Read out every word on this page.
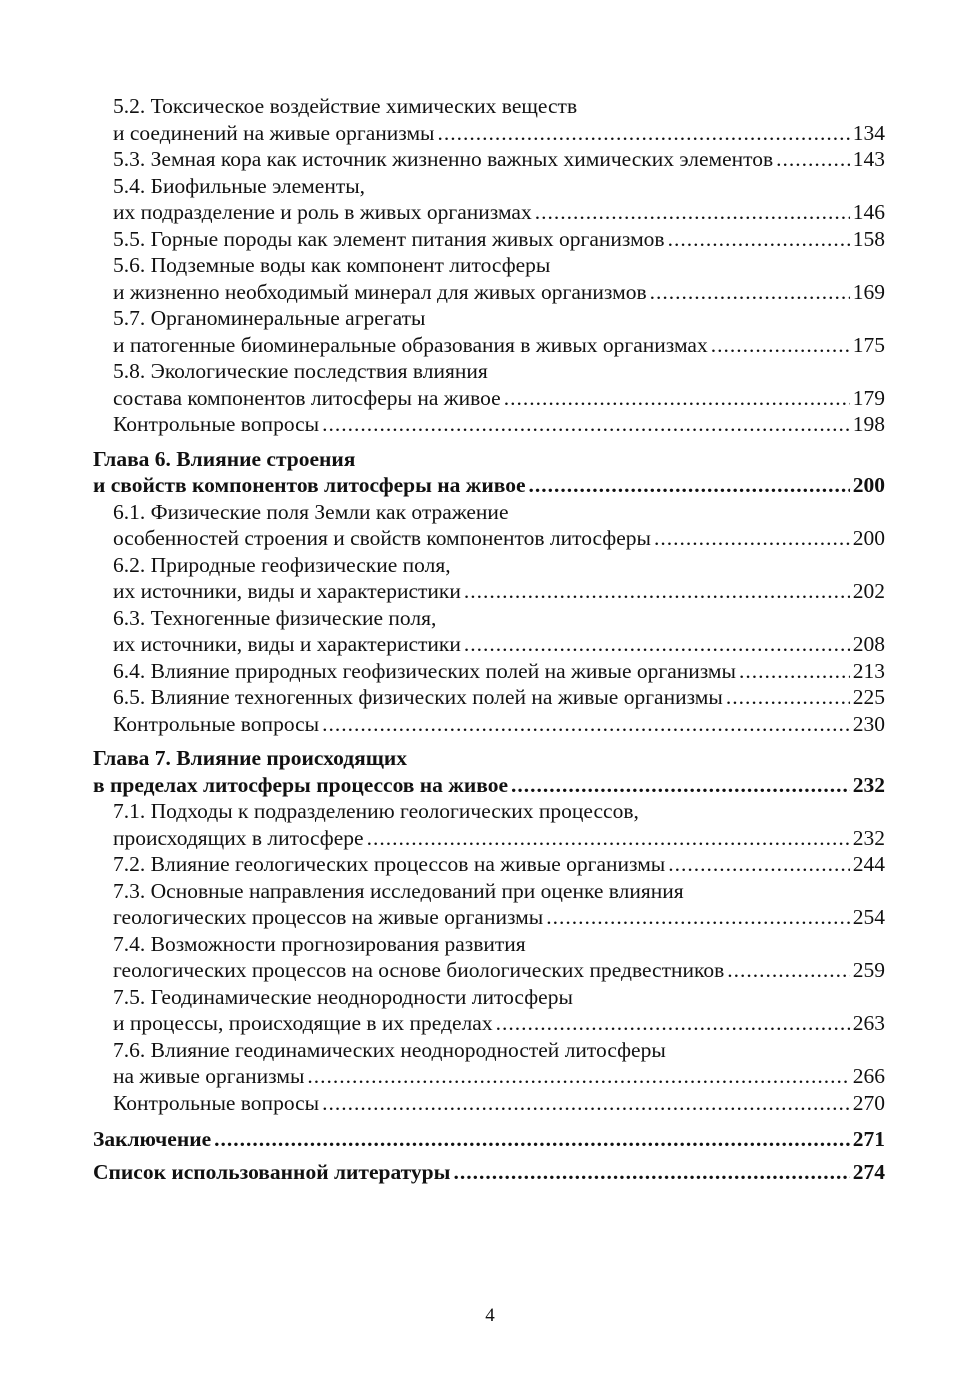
5.2. Токсическое воздействие химических веществ
и соединений на живые организмы .....	134
5.3. Земная кора как источник жизненно важных химических элементов .....	143
5.4. Биофильные элементы,
их подразделение и роль в живых организмах .....	146
5.5. Горные породы как элемент питания живых организмов .....	158
5.6. Подземные воды как компонент литосферы
и жизненно необходимый минерал для живых организмов .....	169
5.7. Органоминеральные агрегаты
и патогенные биоминеральные образования в живых организмах .....	175
5.8. Экологические последствия влияния
состава компонентов литосферы на живое .....	179
Контрольные вопросы .....	198
Глава 6. Влияние строения
и свойств компонентов литосферы на живое .....	200
6.1. Физические поля Земли как отражение
особенностей строения и свойств компонентов литосферы .....	200
6.2. Природные геофизические поля,
их источники, виды и характеристики .....	202
6.3. Техногенные физические поля,
их источники, виды и характеристики .....	208
6.4. Влияние природных геофизических полей на живые организмы .....	213
6.5. Влияние техногенных физических полей на живые организмы .....	225
Контрольные вопросы .....	230
Глава 7. Влияние происходящих
в пределах литосферы процессов на живое .....	232
7.1. Подходы к подразделению геологических процессов,
происходящих в литосфере .....	232
7.2. Влияние геологических процессов на живые организмы .....	244
7.3. Основные направления исследований при оценке влияния
геологических процессов на живые организмы .....	254
7.4. Возможности прогнозирования развития
геологических процессов на основе биологических предвестников .....	259
7.5. Геодинамические неоднородности литосферы
и процессы, происходящие в их пределах .....	263
7.6. Влияние геодинамических неоднородностей литосферы
на живые организмы .....	266
Контрольные вопросы .....	270
Заключение .....	271
Список использованной литературы .....	274
4
